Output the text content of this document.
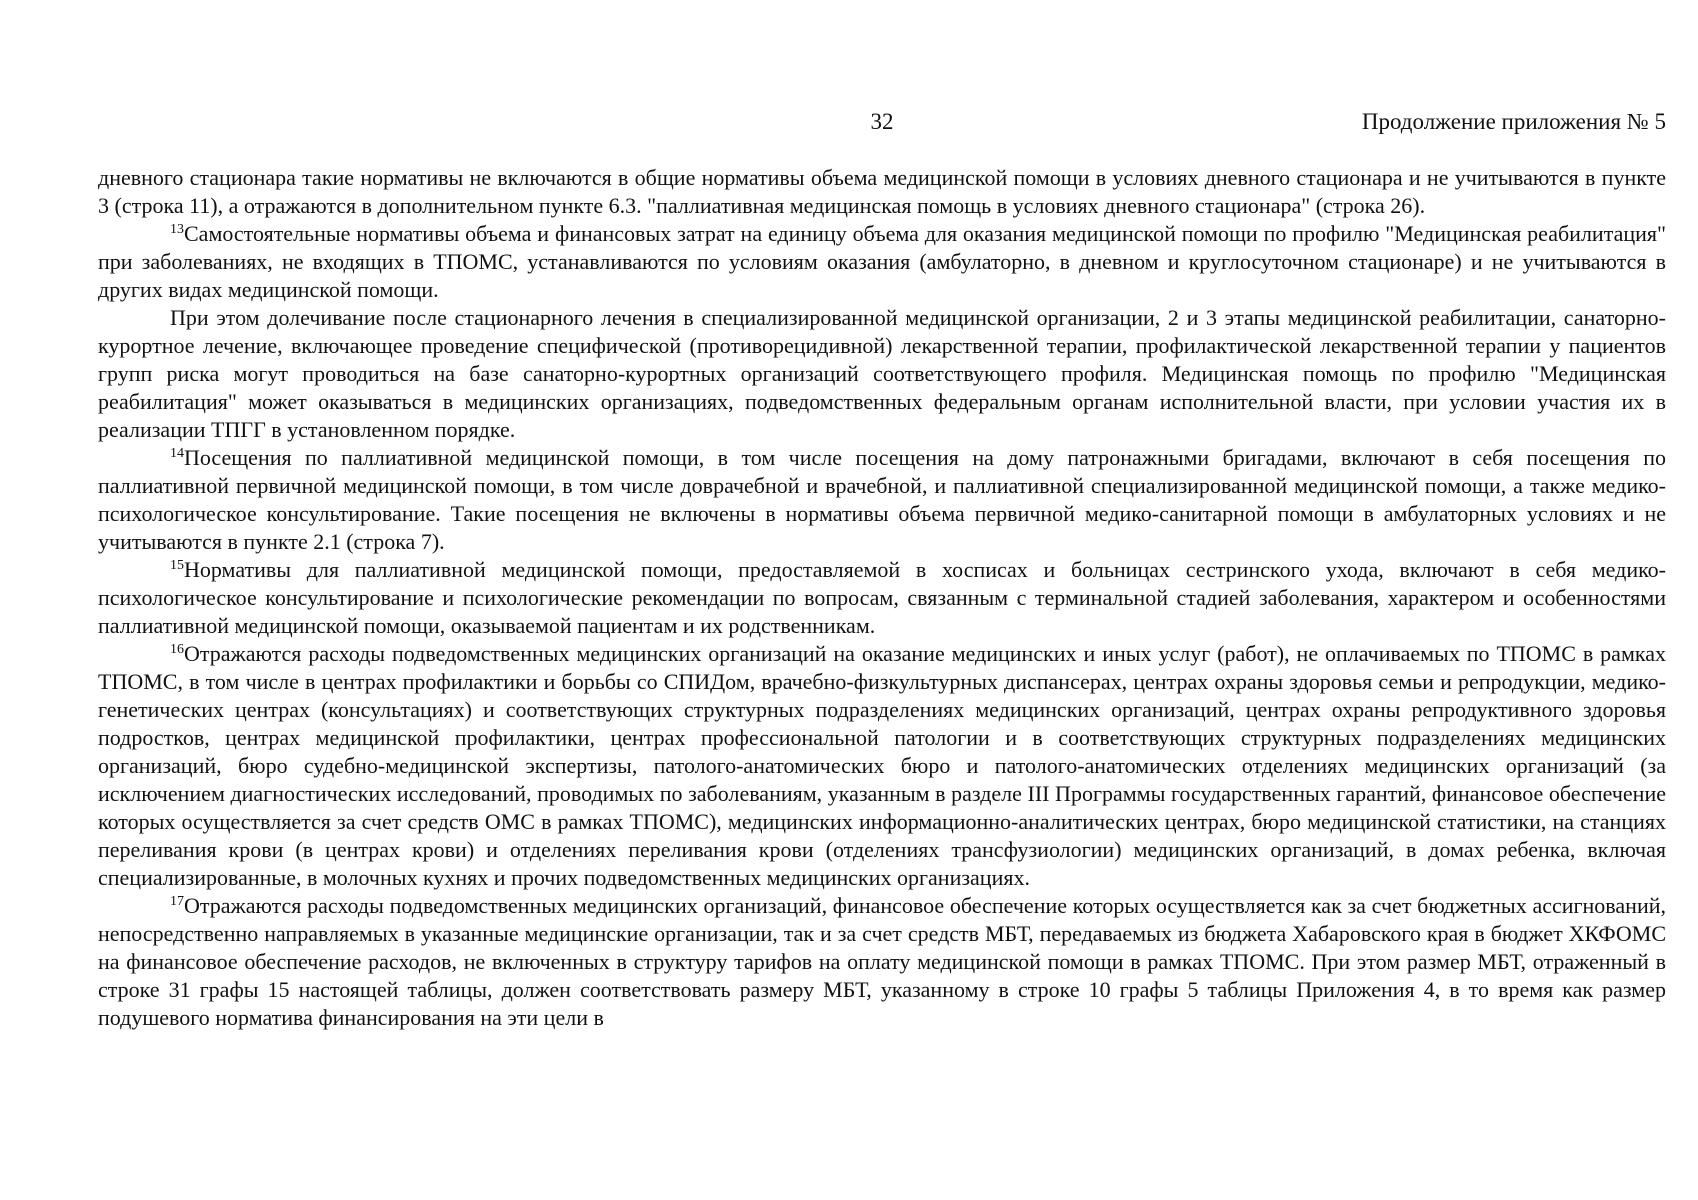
32	Продолжение приложения № 5

дневного стационара такие нормативы не включаются в общие нормативы объема медицинской помощи в условиях дневного стационара и не учитываются в пункте 3 (строка 11), а отражаются в дополнительном пункте 6.3. "паллиативная медицинская помощь в условиях дневного стационара" (строка 26).

$^{13}$Самостоятельные нормативы объема и финансовых затрат на единицу объема для оказания медицинской помощи по профилю "Медицинская реабилитация" при заболеваниях, не входящих в ТПОМС, устанавливаются по условиям оказания (амбулаторно, в дневном и круглосуточном стационаре) и не учитываются в других видах медицинской помощи.

При этом долечивание после стационарного лечения в специализированной медицинской организации, 2 и 3 этапы медицинской реабилитации, санаторно-курортное лечение, включающее проведение специфической (противорецидивной) лекарственной терапии, профилактической лекарственной терапии у пациентов групп риска могут проводиться на базе санаторно-курортных организаций соответствующего профиля. Медицинская помощь по профилю "Медицинская реабилитация" может оказываться в медицинских организациях, подведомственных федеральным органам исполнительной власти, при условии участия их в реализации ТПГГ в установленном порядке.

$^{14}$Посещения по паллиативной медицинской помощи, в том числе посещения на дому патронажными бригадами, включают в себя посещения по паллиативной первичной медицинской помощи, в том числе доврачебной и врачебной, и паллиативной специализированной медицинской помощи, а также медико-психологическое консультирование. Такие посещения не включены в нормативы объема первичной медико-санитарной помощи в амбулаторных условиях и не учитываются в пункте 2.1 (строка 7).

$^{15}$Нормативы для паллиативной медицинской помощи, предоставляемой в хосписах и больницах сестринского ухода, включают в себя медико-психологическое консультирование и психологические рекомендации по вопросам, связанным с терминальной стадией заболевания, характером и особенностями паллиативной медицинской помощи, оказываемой пациентам и их родственникам.

$^{16}$Отражаются расходы подведомственных медицинских организаций на оказание медицинских и иных услуг (работ), не оплачиваемых по ТПОМС в рамках ТПОМС, в том числе в центрах профилактики и борьбы со СПИДом, врачебно-физкультурных диспансерах, центрах охраны здоровья семьи и репродукции, медико-генетических центрах (консультациях) и соответствующих структурных подразделениях медицинских организаций, центрах охраны репродуктивного здоровья подростков, центрах медицинской профилактики, центрах профессиональной патологии и в соответствующих структурных подразделениях медицинских организаций, бюро судебно-медицинской экспертизы, патолого-анатомических бюро и патолого-анатомических отделениях медицинских организаций (за исключением диагностических исследований, проводимых по заболеваниям, указанным в разделе III Программы государственных гарантий, финансовое обеспечение которых осуществляется за счет средств ОМС в рамках ТПОМС), медицинских информационно-аналитических центрах, бюро медицинской статистики, на станциях переливания крови (в центрах крови) и отделениях переливания крови (отделениях трансфузиологии) медицинских организаций, в домах ребенка, включая специализированные, в молочных кухнях и прочих подведомственных медицинских организациях.

$^{17}$Отражаются расходы подведомственных медицинских организаций, финансовое обеспечение которых осуществляется как за счет бюджетных ассигнований, непосредственно направляемых в указанные медицинские организации, так и за счет средств МБТ, передаваемых из бюджета Хабаровского края в бюджет ХКФОМС на финансовое обеспечение расходов, не включенных в структуру тарифов на оплату медицинской помощи в рамках ТПОМС. При этом размер МБТ, отраженный в строке 31 графы 15 настоящей таблицы, должен соответствовать размеру МБТ, указанному в строке 10 графы 5 таблицы Приложения 4, в то время как размер подушевого норматива финансирования на эти цели в
